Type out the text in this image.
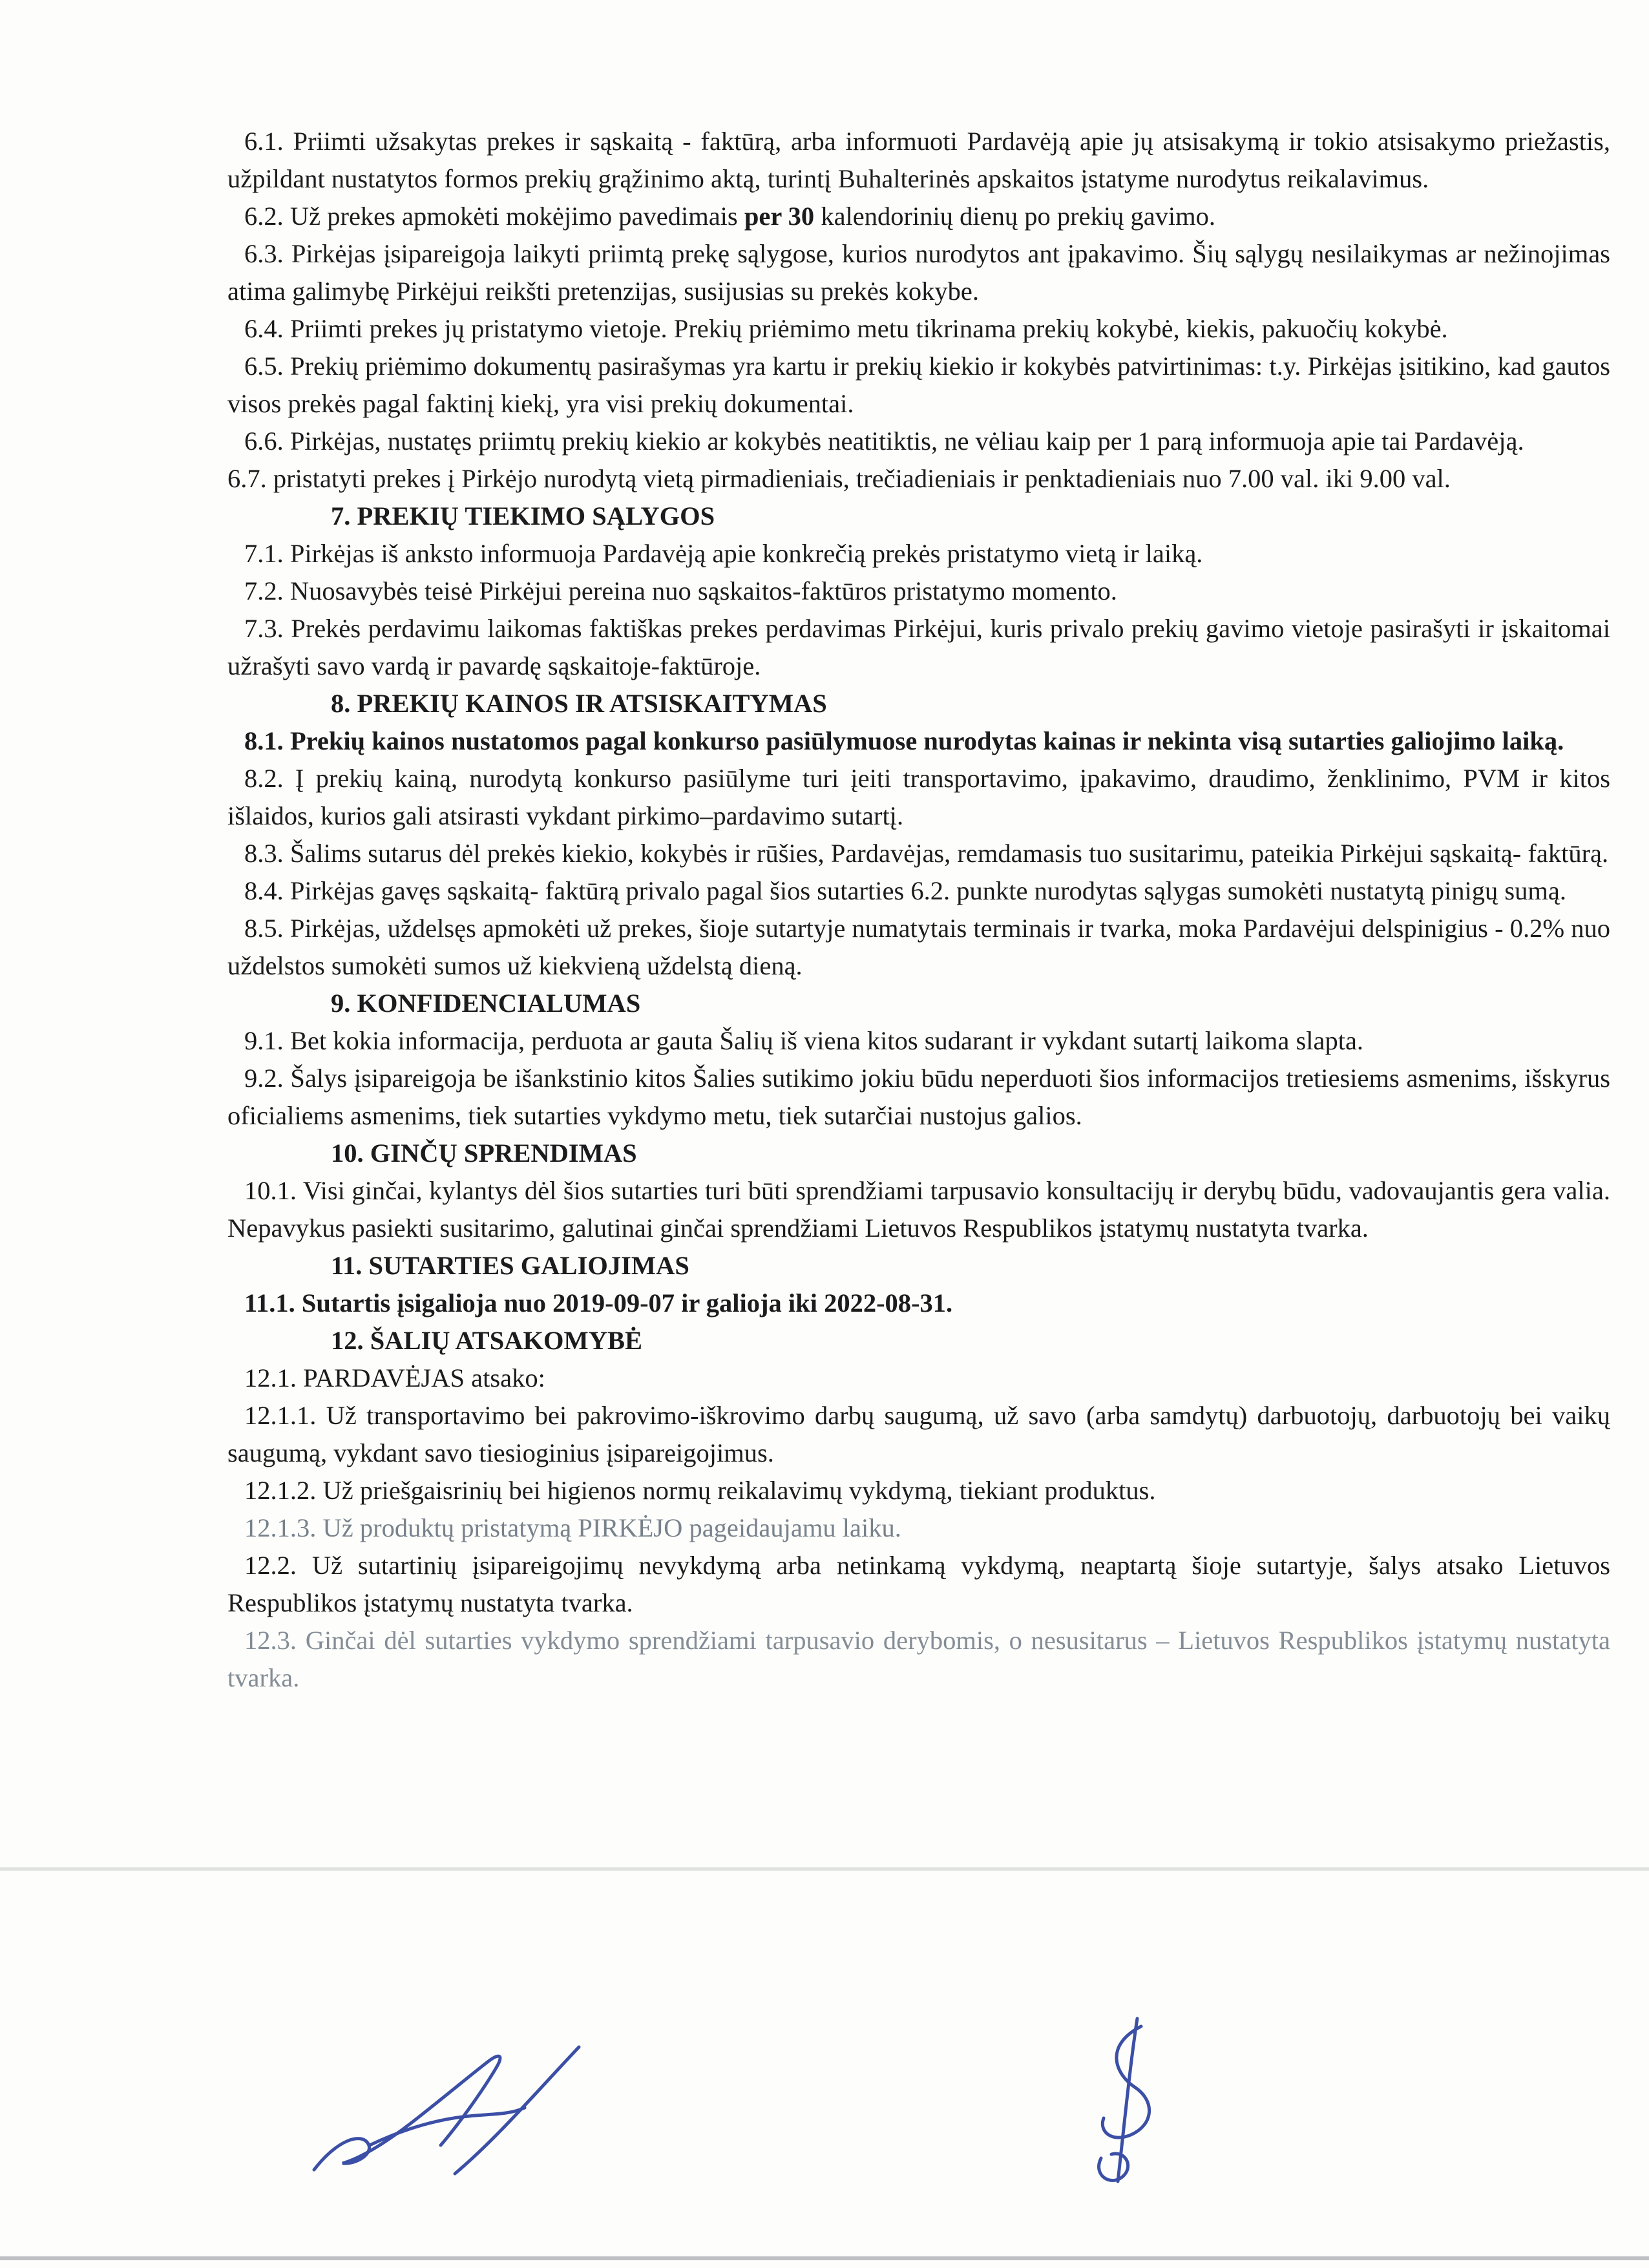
6.1. Priimti užsakytas prekes ir sąskaitą - faktūrą, arba informuoti Pardavėją apie jų atsisakymą ir tokio atsisakymo priežastis, užpildant nustatytos formos prekių grąžinimo aktą, turintį Buhalterinės apskaitos įstatyme nurodytus reikalavimus.

6.2. Už prekes apmokėti mokėjimo pavedimais per 30 kalendorinių dienų po prekių gavimo.

6.3. Pirkėjas įsipareigoja laikyti priimtą prekę sąlygose, kurios nurodytos ant įpakavimo. Šių sąlygų nesilaikymas ar nežinojimas atima galimybę Pirkėjui reikšti pretenzijas, susijusias su prekės kokybe.

6.4. Priimti prekes jų pristatymo vietoje. Prekių priėmimo metu tikrinama prekių kokybė, kiekis, pakuočių kokybė.

6.5. Prekių priėmimo dokumentų pasirašymas yra kartu ir prekių kiekio ir kokybės patvirtinimas: t.y. Pirkėjas įsitikino, kad gautos visos prekės pagal faktinį kiekį, yra visi prekių dokumentai.

6.6. Pirkėjas, nustatęs priimtų prekių kiekio ar kokybės neatitiktis, ne vėliau kaip per 1 parą informuoja apie tai Pardavėją.

6.7. pristatyti prekes į Pirkėjo nurodytą vietą pirmadieniais, trečiadieniais ir penktadieniais nuo 7.00 val. iki 9.00 val.

7. PREKIŲ TIEKIMO SĄLYGOS

7.1. Pirkėjas iš anksto informuoja Pardavėją apie konkrečią prekės pristatymo vietą ir laiką.

7.2. Nuosavybės teisė Pirkėjui pereina nuo sąskaitos-faktūros pristatymo momento.

7.3. Prekės perdavimu laikomas faktiškas prekes perdavimas Pirkėjui, kuris privalo prekių gavimo vietoje pasirašyti ir įskaitomai užrašyti savo vardą ir pavardę sąskaitoje-faktūroje.

8. PREKIŲ KAINOS IR ATSISKAITYMAS

8.1. Prekių kainos nustatomos pagal konkurso pasiūlymuose nurodytas kainas ir nekinta visą sutarties galiojimo laiką.

8.2. Į prekių kainą, nurodytą konkurso pasiūlyme turi įeiti transportavimo, įpakavimo, draudimo, ženklinimo, PVM ir kitos išlaidos, kurios gali atsirasti vykdant pirkimo–pardavimo sutartį.

8.3. Šalims sutarus dėl prekės kiekio, kokybės ir rūšies, Pardavėjas, remdamasis tuo susitarimu, pateikia Pirkėjui sąskaitą- faktūrą.

8.4. Pirkėjas gavęs sąskaitą- faktūrą privalo pagal šios sutarties 6.2. punkte nurodytas sąlygas sumokėti nustatytą pinigų sumą.

8.5. Pirkėjas, uždelsęs apmokėti už prekes, šioje sutartyje numatytais terminais ir tvarka, moka Pardavėjui delspinigius - 0.2% nuo uždelstos sumokėti sumos už kiekvieną uždelstą dieną.

9. KONFIDENCIALUMAS

9.1. Bet kokia informacija, perduota ar gauta Šalių iš viena kitos sudarant ir vykdant sutartį laikoma slapta.

9.2. Šalys įsipareigoja be išankstinio kitos Šalies sutikimo jokiu būdu neperduoti šios informacijos tretiesiems asmenims, išskyrus oficialiems asmenims, tiek sutarties vykdymo metu, tiek sutarčiai nustojus galios.

10. GINČŲ SPRENDIMAS

10.1. Visi ginčai, kylantys dėl šios sutarties turi būti sprendžiami tarpusavio konsultacijų ir derybų būdu, vadovaujantis gera valia. Nepavykus pasiekti susitarimo, galutinai ginčai sprendžiami Lietuvos Respublikos įstatymų nustatyta tvarka.

11. SUTARTIES GALIOJIMAS

11.1. Sutartis įsigalioja nuo 2019-09-07 ir galioja iki 2022-08-31.

12. ŠALIŲ ATSAKOMYBĖ

12.1. PARDAVĖJAS atsako:

12.1.1. Už transportavimo bei pakrovimo-iškrovimo darbų saugumą, už savo (arba samdytų) darbuotojų, darbuotojų bei vaikų saugumą, vykdant savo tiesioginius įsipareigojimus.

12.1.2. Už priešgaisrinių bei higienos normų reikalavimų vykdymą, tiekiant produktus.

12.1.3. Už produktų pristatymą PIRKĖJO pageidaujamu laiku.

12.2. Už sutartinių įsipareigojimų nevykdymą arba netinkamą vykdymą, neaptartą šioje sutartyje, šalys atsako Lietuvos Respublikos įstatymų nustatyta tvarka.

12.3. Ginčai dėl sutarties vykdymo sprendžiami tarpusavio derybomis, o nesusitarus – Lietuvos Respublikos įstatymų nustatyta tvarka.
